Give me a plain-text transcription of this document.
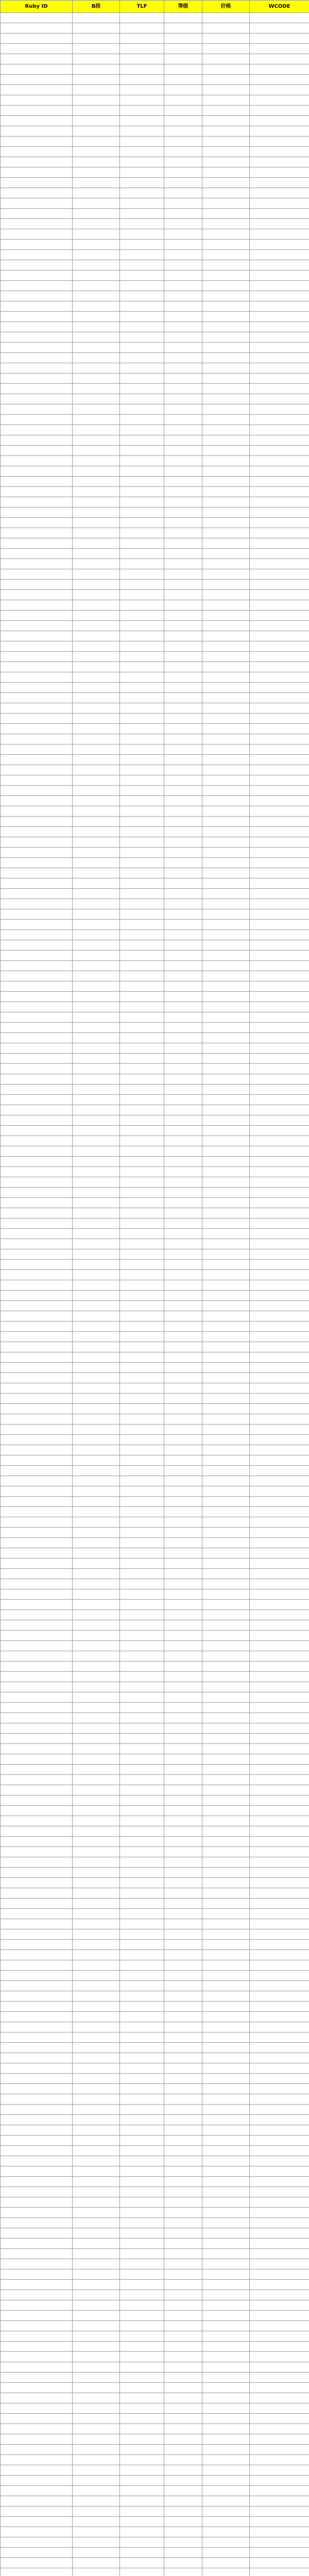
Ruby ID	B段	TLF	等级	价格	WCODE
